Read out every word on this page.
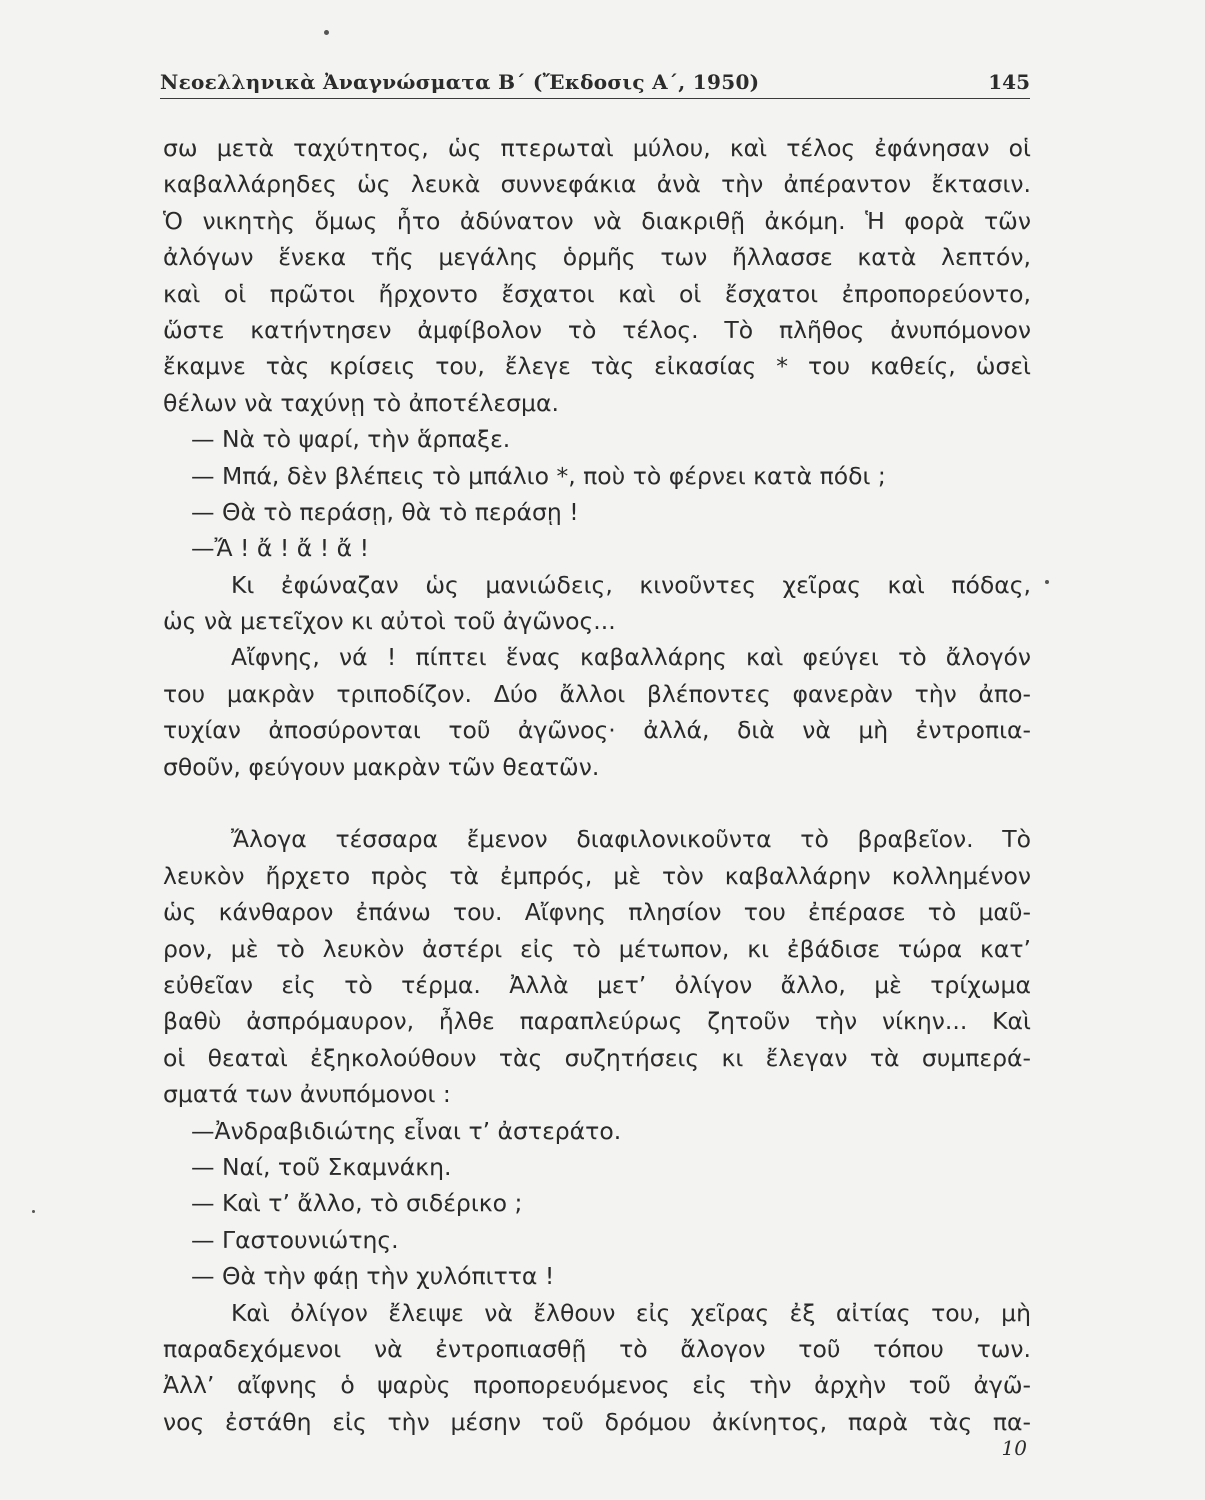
Νεοελληνικὰ Ἀναγνώσματα Β΄ (Ἔκδοσις Α΄, 1950)	145
σω μετὰ ταχύτητος, ὡς πτερωταὶ μύλου, καὶ τέλος ἐφάνησαν οἱ
καβαλλάρηδες ὡς λευκὰ συννεφάκια ἀνὰ τὴν ἀπέραντον ἔκτασιν.
Ὁ νικητὴς ὅμως ἦτο ἀδύνατον νὰ διακριθῇ ἀκόμη. Ἡ φορὰ τῶν
ἀλόγων ἕνεκα τῆς μεγάλης ὁρμῆς των ἤλλασσε κατὰ λεπτόν,
καὶ οἱ πρῶτοι ἤρχοντο ἔσχατοι καὶ οἱ ἔσχατοι ἐπροπορεύοντο,
ὥστε κατήντησεν ἀμφίβολον τὸ τέλος. Τὸ πλῆθος ἀνυπόμονον
ἔκαμνε τὰς κρίσεις του, ἔλεγε τὰς εἰκασίας * του καθείς, ὡσεὶ
θέλων νὰ ταχύνῃ τὸ ἀποτέλεσμα.
— Νὰ τὸ ψαρί, τὴν ἅρπαξε.
— Μπά, δὲν βλέπεις τὸ μπάλιο *, ποὺ τὸ φέρνει κατὰ πόδι ;
— Θὰ τὸ περάσῃ, θὰ τὸ περάσῃ !
—Ἄ ! ἄ ! ἄ ! ἄ !
Κι ἐφώναζαν ὡς μανιώδεις, κινοῦντες χεῖρας καὶ πόδας,
ὡς νὰ μετεῖχον κι αὐτοὶ τοῦ ἀγῶνος...
Αἴφνης, νά ! πίπτει ἕνας καβαλλάρης καὶ φεύγει τὸ ἄλογόν
του μακρὰν τριποδίζον. Δύο ἄλλοι βλέποντες φανερὰν τὴν ἀπο-
τυχίαν ἀποσύρονται τοῦ ἀγῶνος· ἀλλά, διὰ νὰ μὴ ἐντροπια-
σθοῦν, φεύγουν μακρὰν τῶν θεατῶν.
Ἄλογα τέσσαρα ἔμενον διαφιλονικοῦντα τὸ βραβεῖον. Τὸ
λευκὸν ἤρχετο πρὸς τὰ ἐμπρός, μὲ τὸν καβαλλάρην κολλημένον
ὡς κάνθαρον ἐπάνω του. Αἴφνης πλησίον του ἐπέρασε τὸ μαῦ-
ρον, μὲ τὸ λευκὸν ἀστέρι εἰς τὸ μέτωπον, κι ἐβάδισε τώρα κατ’
εὐθεῖαν εἰς τὸ τέρμα. Ἀλλὰ μετ’ ὀλίγον ἄλλο, μὲ τρίχωμα
βαθὺ ἀσπρόμαυρον, ἦλθε παραπλεύρως ζητοῦν τὴν νίκην... Καὶ
οἱ θεαταὶ ἐξηκολούθουν τὰς συζητήσεις κι ἔλεγαν τὰ συμπερά-
σματά των ἀνυπόμονοι :
—Ἀνδραβιδιώτης εἶναι τ’ ἀστεράτο.
— Ναί, τοῦ Σκαμνάκη.
— Καὶ τ’ ἄλλο, τὸ σιδέρικο ;
— Γαστουνιώτης.
— Θὰ τὴν φάῃ τὴν χυλόπιττα !
Καὶ ὀλίγον ἔλειψε νὰ ἔλθουν εἰς χεῖρας ἐξ αἰτίας του, μὴ
παραδεχόμενοι νὰ ἐντροπιασθῇ τὸ ἄλογον τοῦ τόπου των.
Ἀλλ’ αἴφνης ὁ ψαρὺς προπορευόμενος εἰς τὴν ἀρχὴν τοῦ ἀγῶ-
νος ἐστάθη εἰς τὴν μέσην τοῦ δρόμου ἀκίνητος, παρὰ τὰς πα-
10
